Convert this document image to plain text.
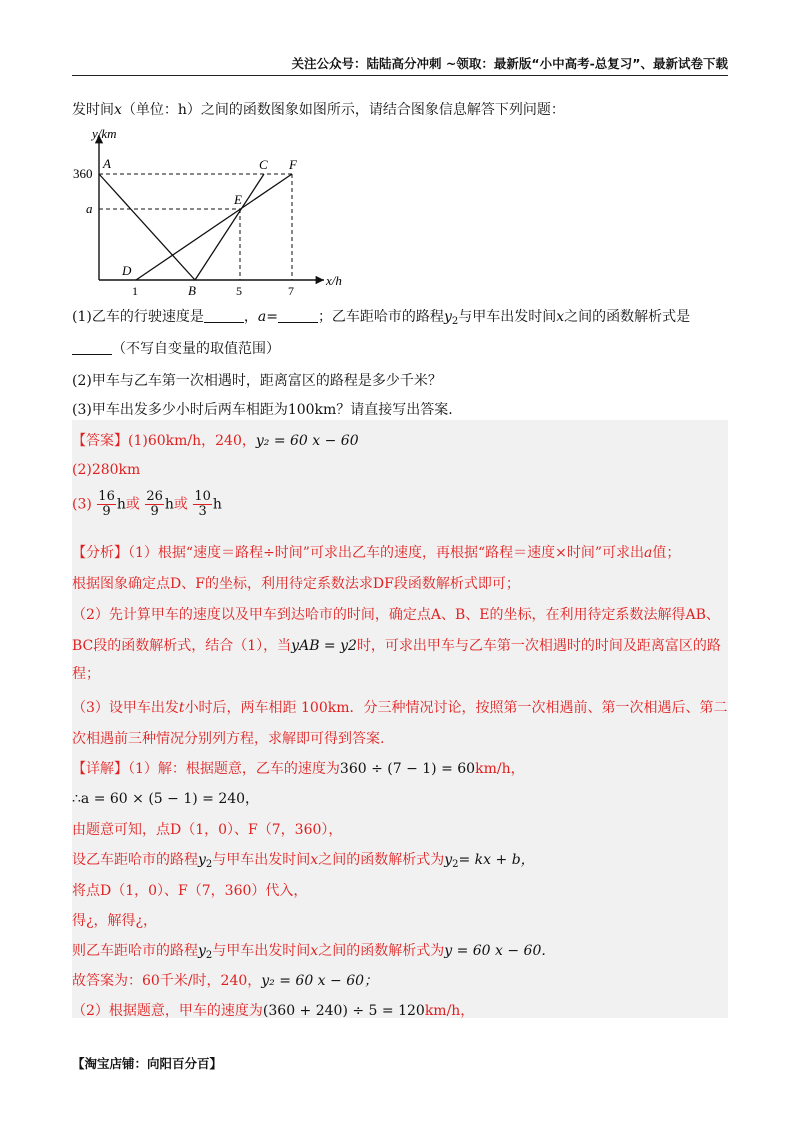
关注公众号：陆陆高分冲刺 ~领取：最新版“小中高考-总复习”、最新试卷下载
发时间x（单位：h）之间的函数图象如图所示，请结合图象信息解答下列问题：
y/km
x/h
360
a
1	5	7
A
B
C
D
E
F
(1)乙车的行驶速度是	，a=	；乙车距哈市的路程$y_2$与甲车出发时间x之间的函数解析式是
（不写自变量的取值范围）
(2)甲车与乙车第一次相遇时，距离富区的路程是多少千米？
(3)甲车出发多少小时后两车相距为100km？请直接写出答案.
【答案】(1)60km/h，240，y₂ = 60 x − 60
(2)280km
$(3) \frac{16}{9}$ h或 $\frac{26}{9}$ h或 $\frac{10}{3}$ h
【分析】（1）根据“速度＝路程÷时间”可求出乙车的速度，再根据“路程＝速度×时间”可求出a值；
根据图象确定点D、F的坐标，利用待定系数法求DF段函数解析式即可；
（2）先计算甲车的速度以及甲车到达哈市的时间，确定点A、B、E的坐标，在利用待定系数法解得AB、
BC段的函数解析式，结合（1），当yAB = y2时，可求出甲车与乙车第一次相遇时的时间及距离富区的路
程；
（3）设甲车出发t小时后，两车相距 100km．分三种情况讨论，按照第一次相遇前、第一次相遇后、第二
次相遇前三种情况分别列方程，求解即可得到答案.
【详解】（1）解：根据题意，乙车的速度为360 ÷ (7 − 1) = 60km/h，
∴a = 60 × (5 − 1) = 240，
由题意可知，点D（1，0）、F（7，360），
设乙车距哈市的路程$y_2$与甲车出发时间x之间的函数解析式为$y_2=$ kx + b，
将点D（1，0）、F（7，360）代入，
得¿，解得¿，
则乙车距哈市的路程$y_2$与甲车出发时间x之间的函数解析式为y = 60 x − 60.
故答案为：60千米/时，240，y₂ = 60 x − 60；
（2）根据题意，甲车的速度为(360 + 240) ÷ 5 = 120km/h，
【淘宝店铺：向阳百分百】
